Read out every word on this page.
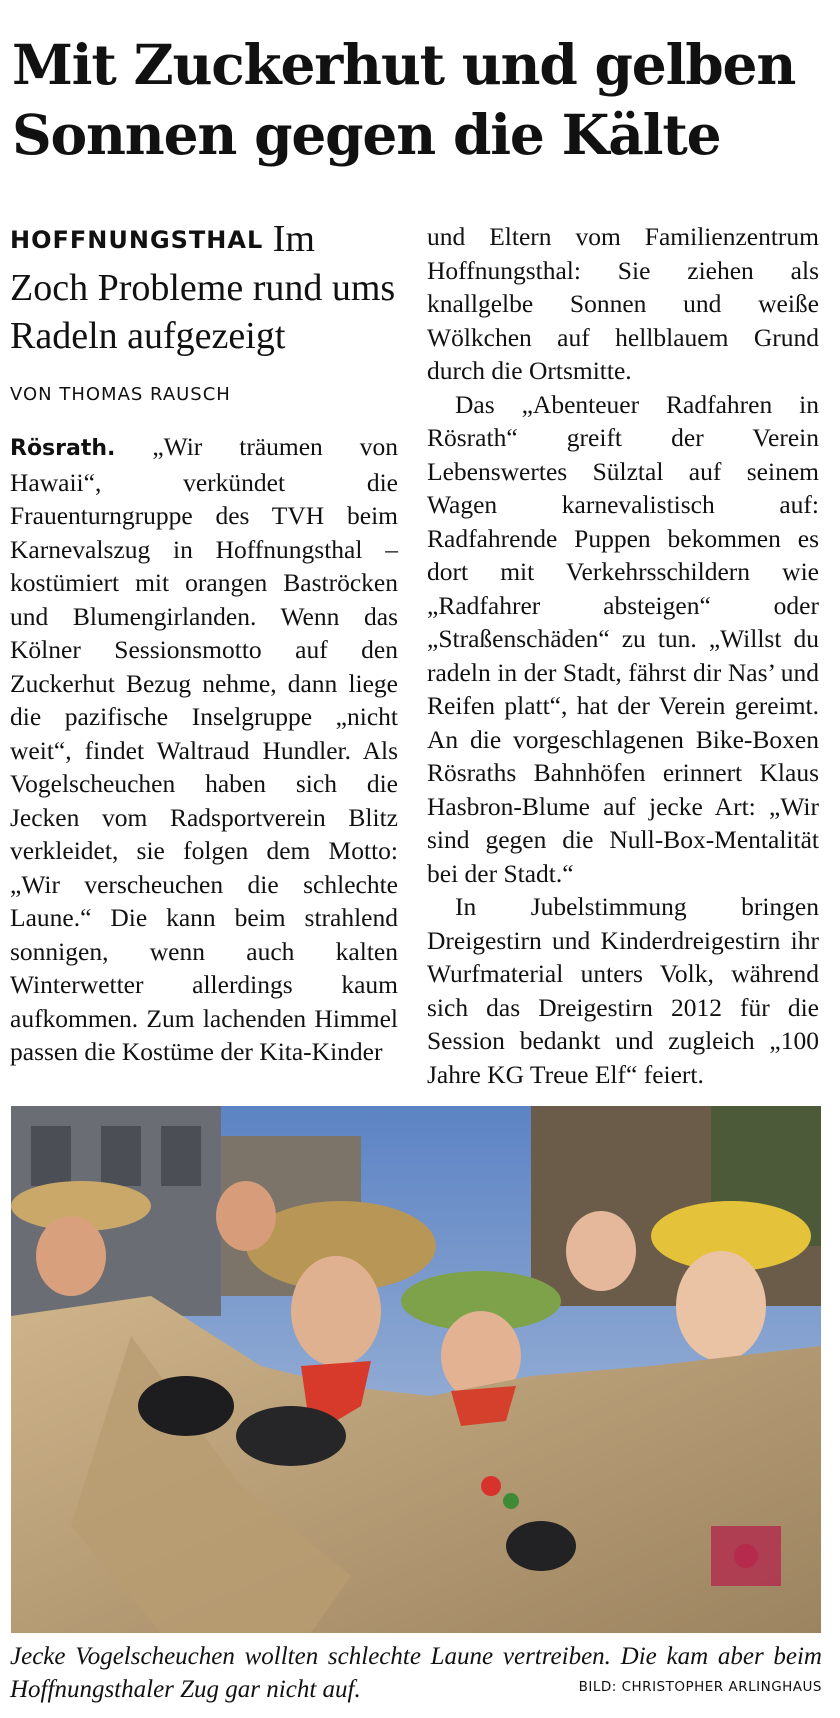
Mit Zuckerhut und gelben Sonnen gegen die Kälte

HOFFNUNGSTHAL Im Zoch Probleme rund ums Radeln aufgezeigt

VON THOMAS RAUSCH

Rösrath. „Wir träumen von Hawaii“, verkündet die Frauenturngruppe des TVH beim Karnevalszug in Hoffnungsthal – kostümiert mit orangen Baströcken und Blumengirlanden. Wenn das Kölner Sessionsmotto auf den Zuckerhut Bezug nehme, dann liege die pazifische Inselgruppe „nicht weit“, findet Waltraud Hundler. Als Vogelscheuchen haben sich die Jecken vom Radsportverein Blitz verkleidet, sie folgen dem Motto: „Wir verscheuchen die schlechte Laune.“ Die kann beim strahlend sonnigen, wenn auch kalten Winterwetter allerdings kaum aufkommen. Zum lachenden Himmel passen die Kostüme der Kita-Kinder

und Eltern vom Familienzentrum Hoffnungsthal: Sie ziehen als knallgelbe Sonnen und weiße Wölkchen auf hellblauem Grund durch die Ortsmitte.

Das „Abenteuer Radfahren in Rösrath“ greift der Verein Lebenswertes Sülztal auf seinem Wagen karnevalistisch auf: Radfahrende Puppen bekommen es dort mit Verkehrsschildern wie „Radfahrer absteigen“ oder „Straßenschäden“ zu tun. „Willst du radeln in der Stadt, fährst dir Nas’ und Reifen platt“, hat der Verein gereimt. An die vorgeschlagenen Bike-Boxen Rösraths Bahnhöfen erinnert Klaus Hasbron-Blume auf jecke Art: „Wir sind gegen die Null-Box-Mentalität bei der Stadt.“

In Jubelstimmung bringen Dreigestirn und Kinderdreigestirn ihr Wurfmaterial unters Volk, während sich das Dreigestirn 2012 für die Session bedankt und zugleich „100 Jahre KG Treue Elf“ feiert.

Jecke Vogelscheuchen wollten schlechte Laune vertreiben. Die kam aber beim Hoffnungsthaler Zug gar nicht auf.	BILD: CHRISTOPHER ARLINGHAUS
